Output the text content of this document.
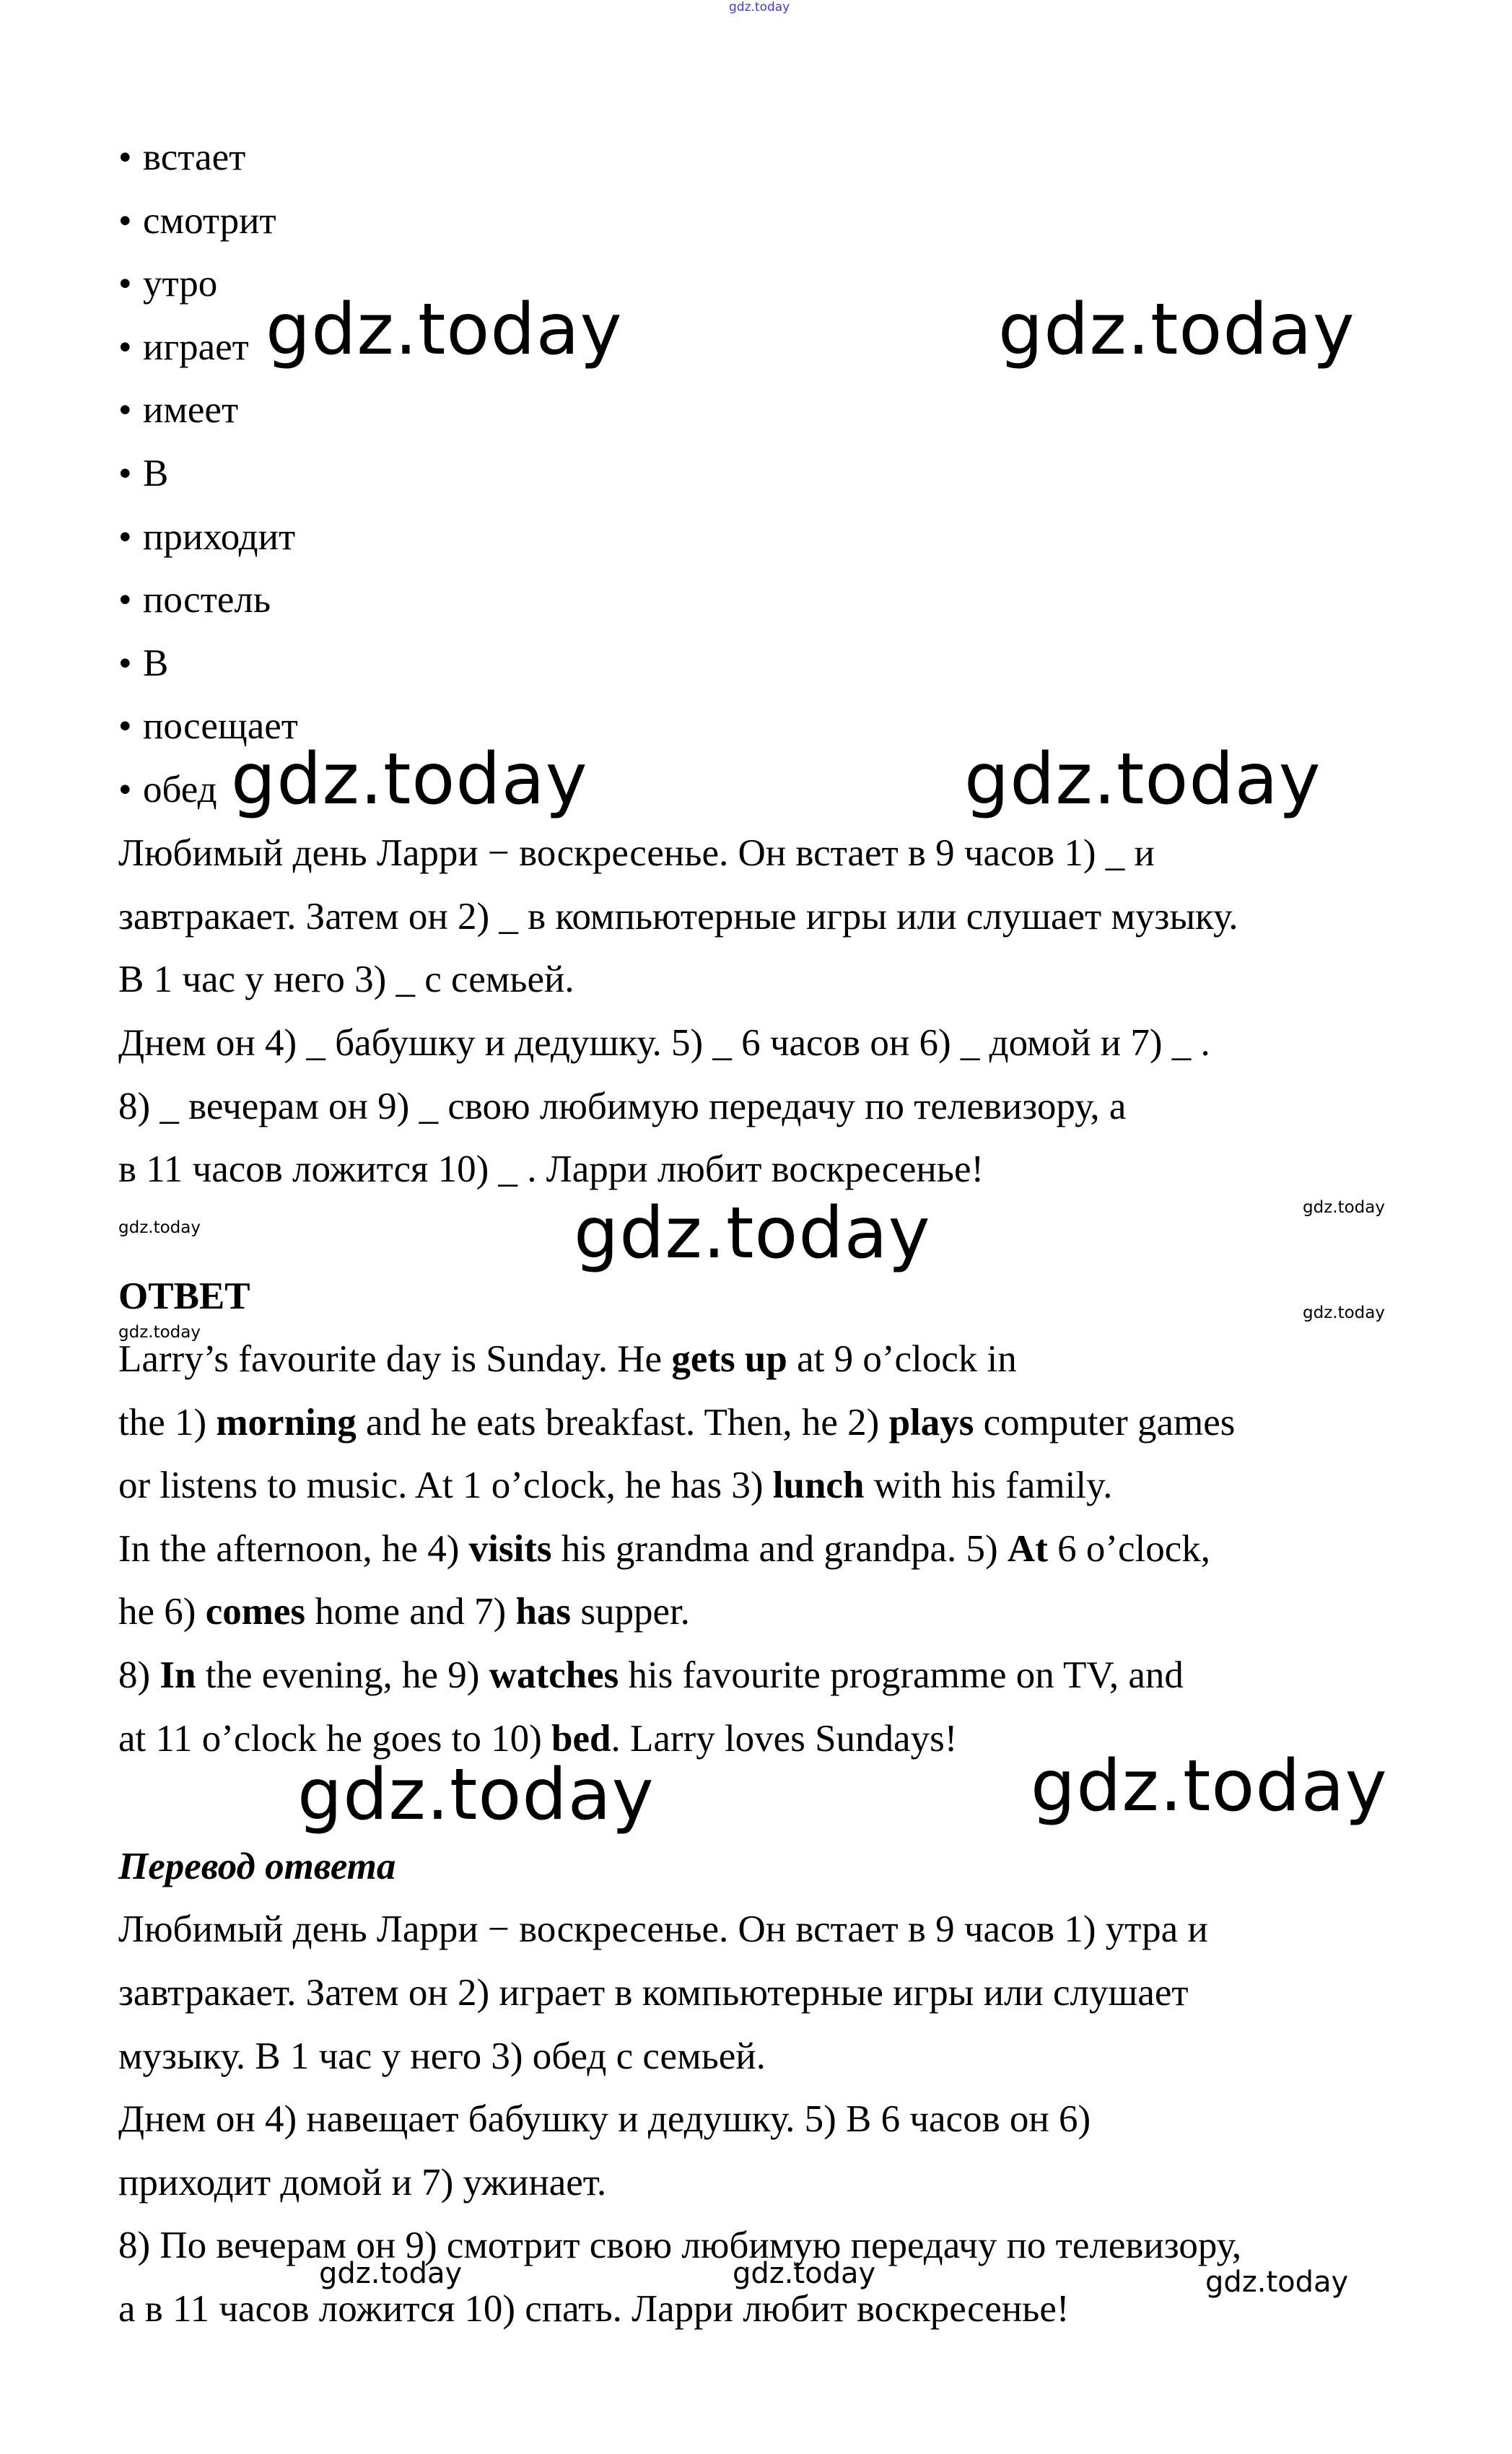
gdz.today
• встает
• смотрит
• утро
• играет
• имеет
• В
• приходит
• постель
• В
• посещает
• обед
gdz.today	gdz.today
gdz.today	gdz.today
Любимый день Ларри − воскресенье. Он встает в 9 часов 1) _ и
завтракает. Затем он 2) _ в компьютерные игры или слушает музыку.
В 1 час у него 3) _ с семьей.
Днем он 4) _ бабушку и дедушку. 5) _ 6 часов он 6) _ домой и 7) _ .
8) _ вечерам он 9) _ свою любимую передачу по телевизору, а
в 11 часов ложится 10) _ . Ларри любит воскресенье!
gdz.today	gdz.today	gdz.today
gdz.today
gdz.today
ОТВЕТ
Larry’s favourite day is Sunday. He gets up at 9 o’clock in
the 1) morning and he eats breakfast. Then, he 2) plays computer games
or listens to music. At 1 o’clock, he has 3) lunch with his family.
In the afternoon, he 4) visits his grandma and grandpa. 5) At 6 o’clock,
he 6) comes home and 7) has supper.
8) In the evening, he 9) watches his favourite programme on TV, and
at 11 o’clock he goes to 10) bed. Larry loves Sundays!
gdz.today	gdz.today
Перевод ответа
Любимый день Ларри − воскресенье. Он встает в 9 часов 1) утра и
завтракает. Затем он 2) играет в компьютерные игры или слушает
музыку. В 1 час у него 3) обед с семьей.
Днем он 4) навещает бабушку и дедушку. 5) В 6 часов он 6)
приходит домой и 7) ужинает.
8) По вечерам он 9) смотрит свою любимую передачу по телевизору,
а в 11 часов ложится 10) спать. Ларри любит воскресенье!
gdz.today	gdz.today	gdz.today
